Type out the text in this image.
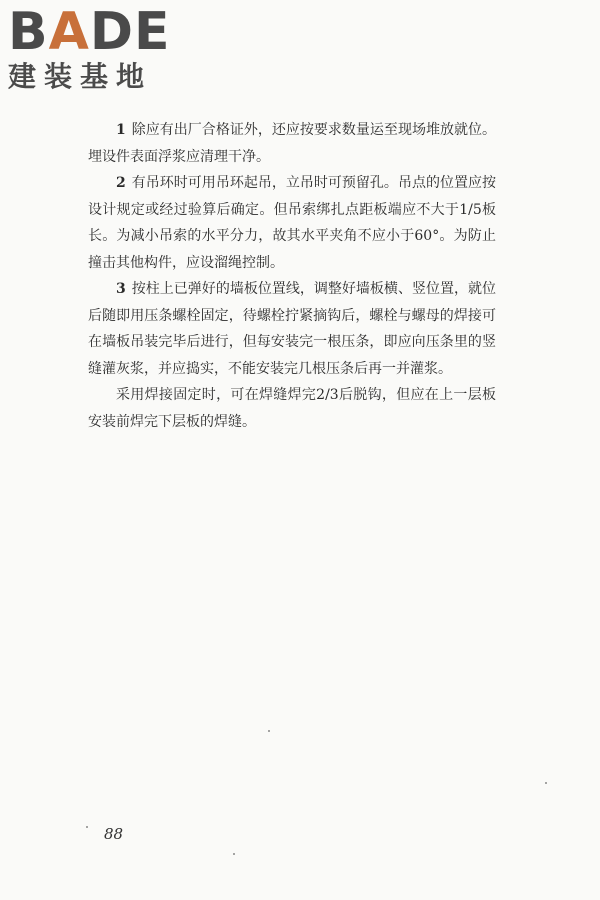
BADE
建装基地

1 除应有出厂合格证外，还应按要求数量运至现场堆放就位。埋设件表面浮浆应清理干净。

2 有吊环时可用吊环起吊，立吊时可预留孔。吊点的位置应按设计规定或经过验算后确定。但吊索绑扎点距板端应不大于1/5板长。为减小吊索的水平分力，故其水平夹角不应小于60°。为防止撞击其他构件，应设溜绳控制。

3 按柱上已弹好的墙板位置线，调整好墙板横、竖位置，就位后随即用压条螺栓固定，待螺栓拧紧摘钩后，螺栓与螺母的焊接可在墙板吊装完毕后进行，但每安装完一根压条，即应向压条里的竖缝灌灰浆，并应捣实，不能安装完几根压条后再一并灌浆。

采用焊接固定时，可在焊缝焊完2/3后脱钩，但应在上一层板安装前焊完下层板的焊缝。

88
